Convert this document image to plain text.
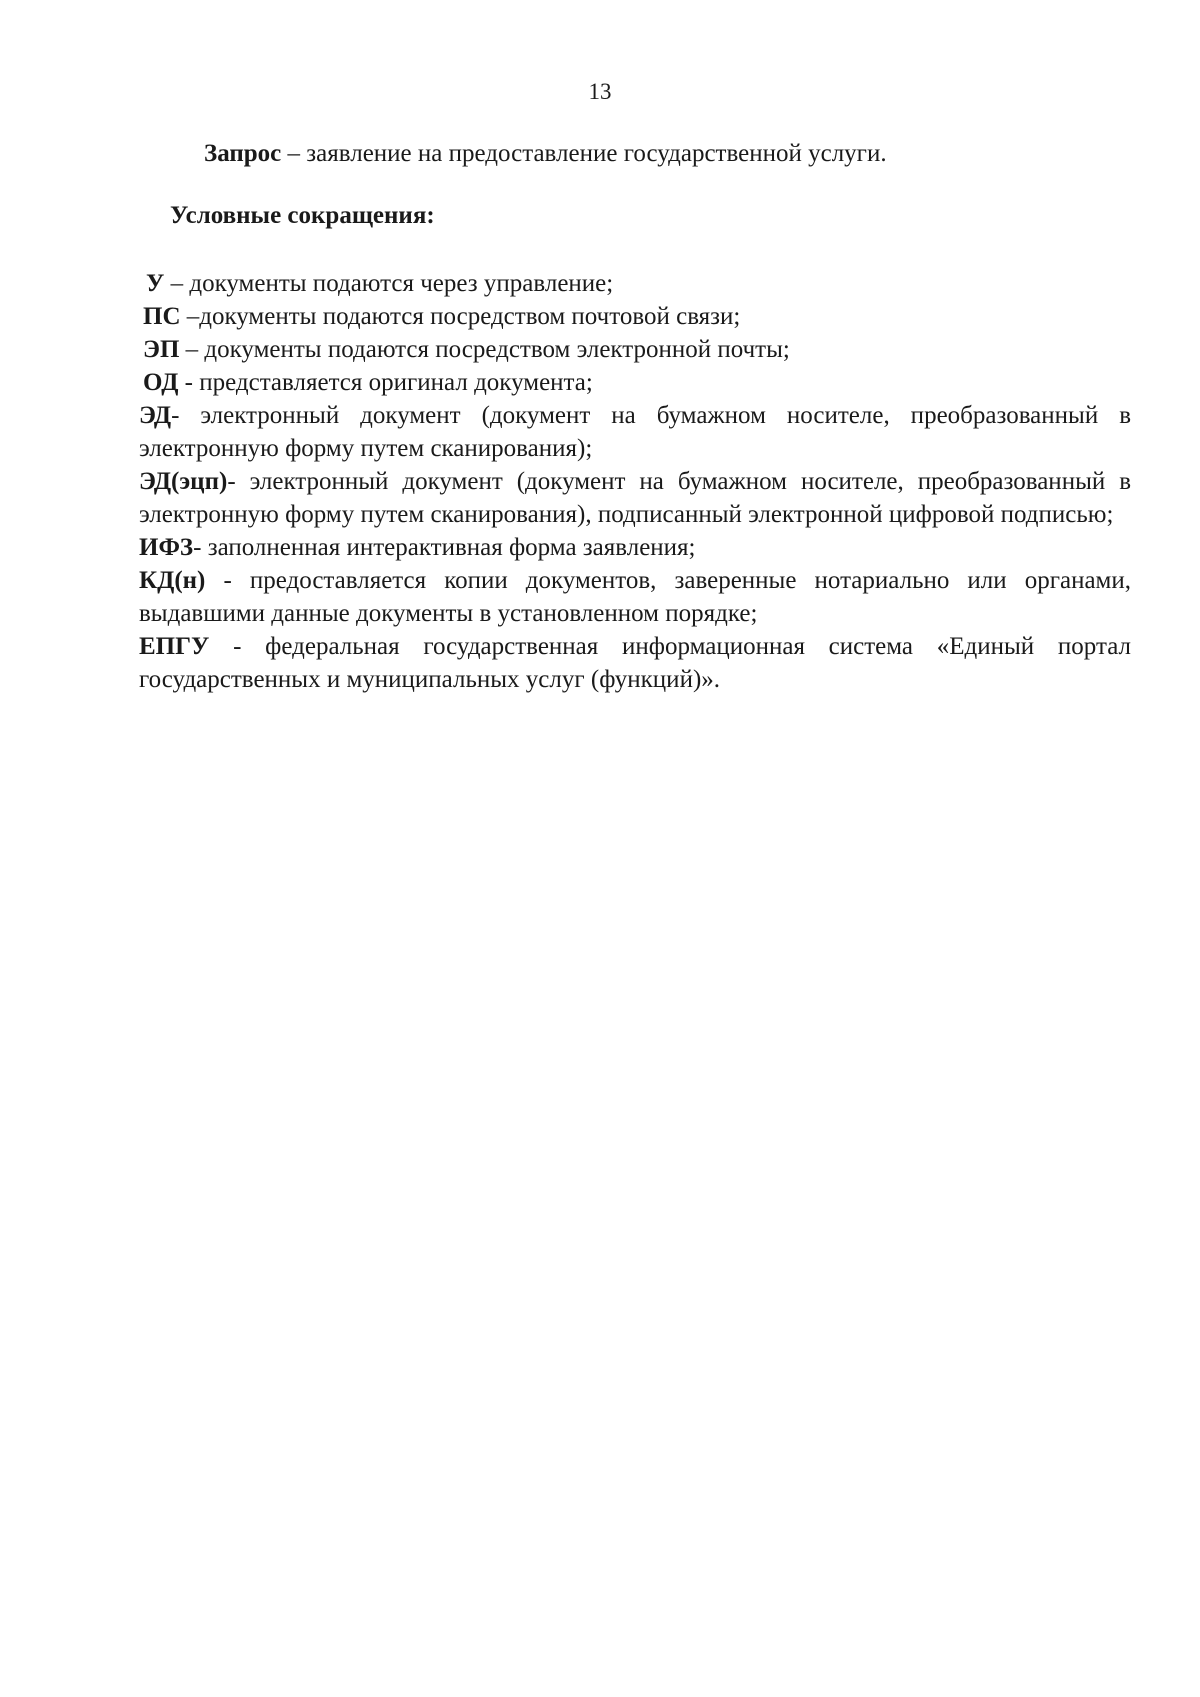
13
Запрос – заявление на предоставление государственной услуги.
Условные сокращения:
У – документы подаются через управление;
ПС –документы подаются посредством почтовой связи;
ЭП – документы подаются посредством электронной почты;
ОД - представляется оригинал документа;
ЭД- электронный документ (документ на бумажном носителе, преобразованный в электронную форму путем сканирования);
ЭД(эцп)- электронный документ (документ на бумажном носителе, преобразованный в электронную форму путем сканирования), подписанный электронной цифровой подписью;
ИФЗ- заполненная интерактивная форма заявления;
КД(н) - предоставляется копии документов, заверенные нотариально или органами, выдавшими данные документы в установленном порядке;
ЕПГУ - федеральная государственная информационная система «Единый портал государственных и муниципальных услуг (функций)».
